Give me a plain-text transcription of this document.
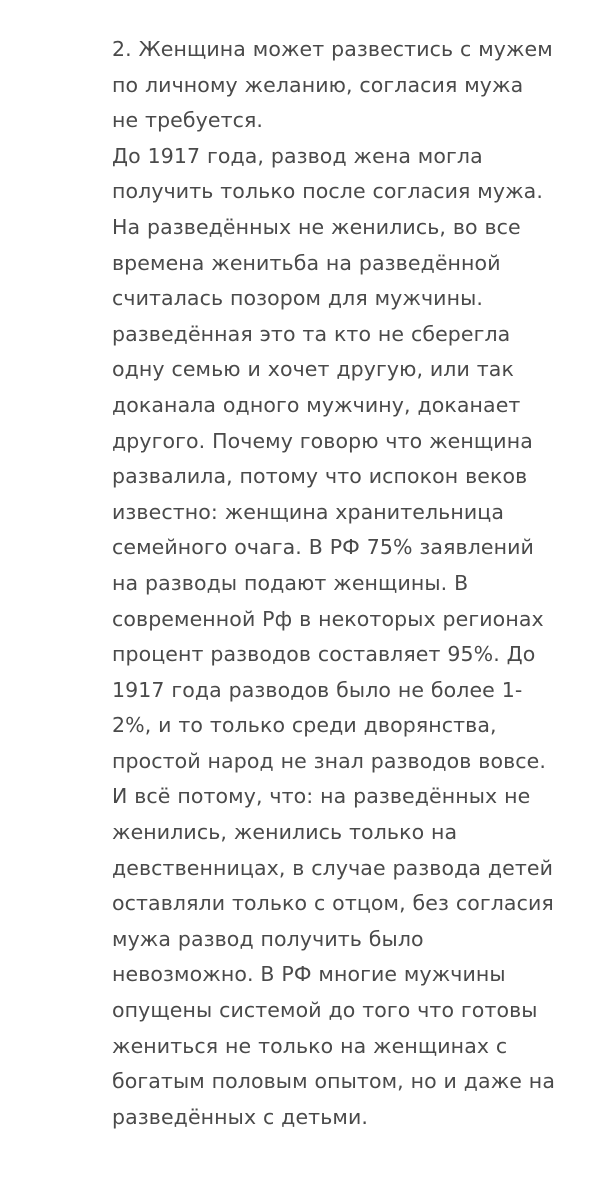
2. Женщина может развестись с мужем по личному желанию, согласия мужа не требуется.

До 1917 года, развод жена могла получить только после согласия мужа. На разведённых не женились, во все времена женитьба на разведённой считалась позором для мужчины. разведённая это та кто не сберегла одну семью и хочет другую, или так доканала одного мужчину, доканает другого. Почему говорю что женщина развалила, потому что испокон веков известно: женщина хранительница семейного очага. В РФ 75% заявлений на разводы подают женщины. В современной Рф в некоторых регионах процент разводов составляет 95%. До 1917 года разводов было не более 1-2%, и то только среди дворянства, простой народ не знал разводов вовсе. И всё потому, что: на разведённых не женились, женились только на девственницах, в случае развода детей оставляли только с отцом, без согласия мужа развод получить было невозможно. В РФ многие мужчины опущены системой до того что готовы жениться не только на женщинах с богатым половым опытом, но и даже на разведённых с детьми.
